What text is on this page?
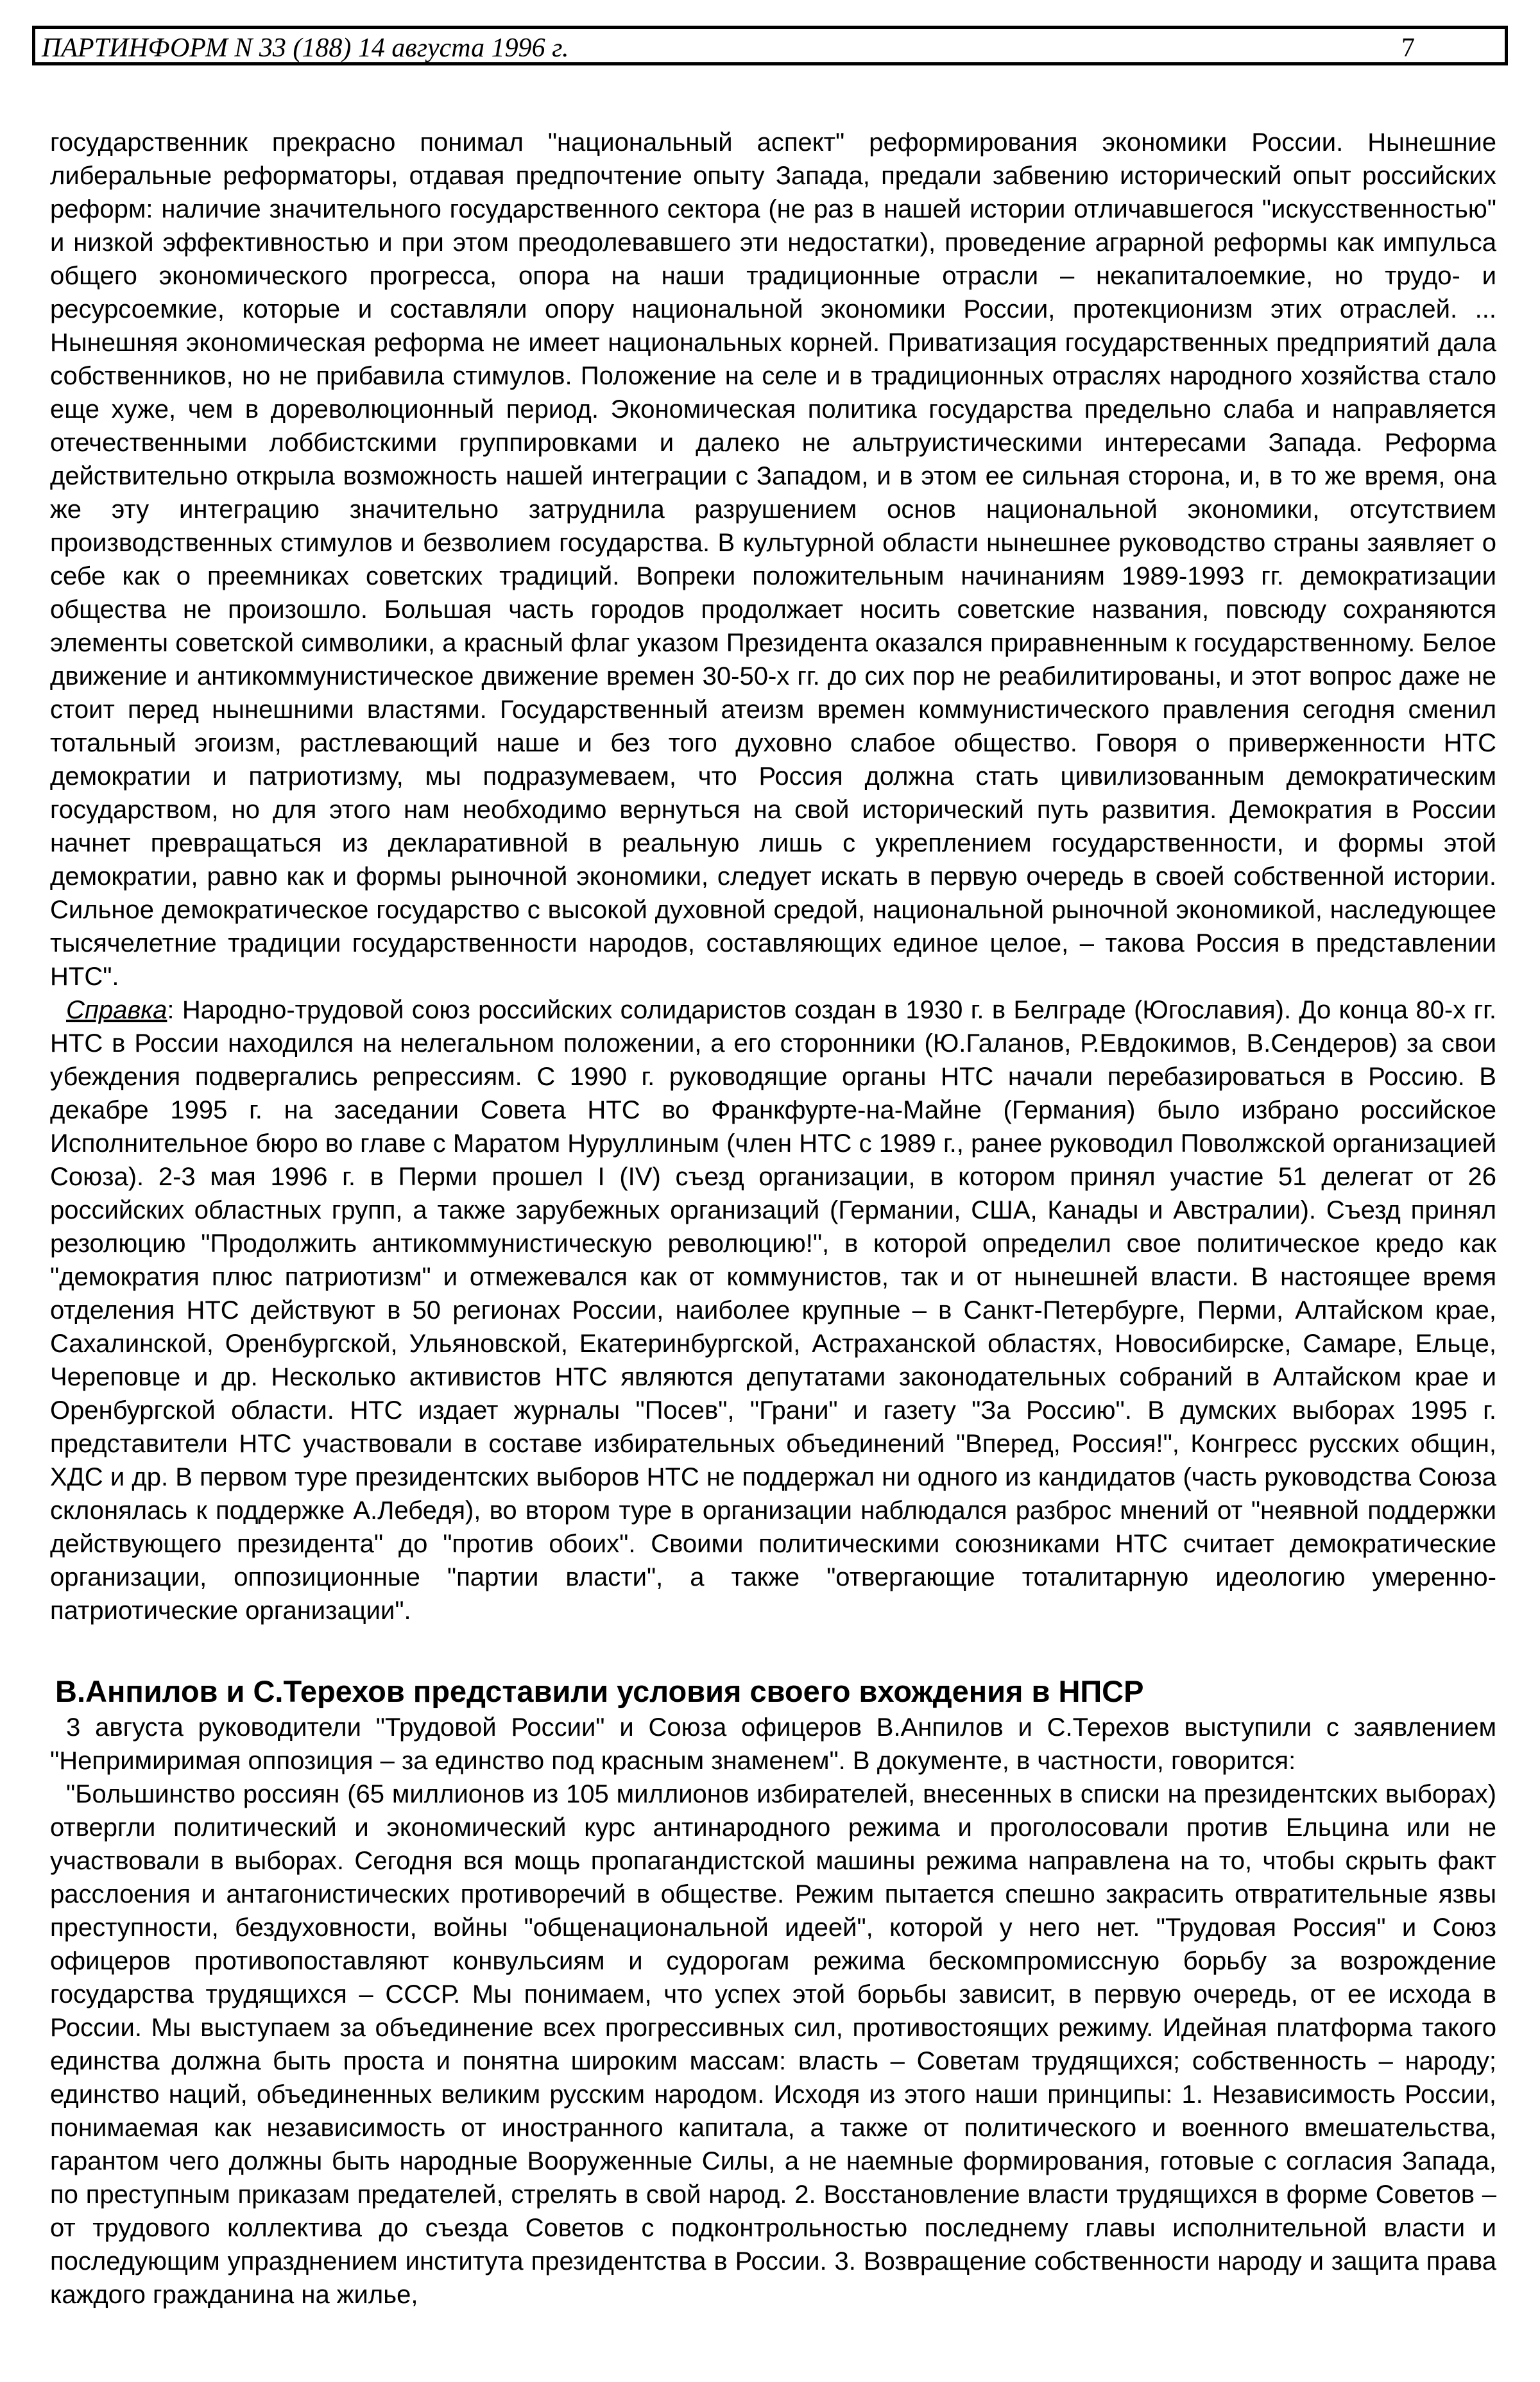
ПАРТИНФОРМ N 33 (188) 14 августа 1996 г.	7

государственник прекрасно понимал "национальный аспект" реформирования экономики России. Нынешние либеральные реформаторы, отдавая предпочтение опыту Запада, предали забвению исторический опыт российских реформ: наличие значительного государственного сектора (не раз в нашей истории отличавшегося "искусственностью" и низкой эффективностью и при этом преодолевавшего эти недостатки), проведение аграрной реформы как импульса общего экономического прогресса, опора на наши традиционные отрасли – некапиталоемкие, но трудо- и ресурсоемкие, которые и составляли опору национальной экономики России, протекционизм этих отраслей. ... Нынешняя экономическая реформа не имеет национальных корней. Приватизация государственных предприятий дала собственников, но не прибавила стимулов. Положение на селе и в традиционных отраслях народного хозяйства стало еще хуже, чем в дореволюционный период. Экономическая политика государства предельно слаба и направляется отечественными лоббистскими группировками и далеко не альтруистическими интересами Запада. Реформа действительно открыла возможность нашей интеграции с Западом, и в этом ее сильная сторона, и, в то же время, она же эту интеграцию значительно затруднила разрушением основ национальной экономики, отсутствием производственных стимулов и безволием государства. В культурной области нынешнее руководство страны заявляет о себе как о преемниках советских традиций. Вопреки положительным начинаниям 1989-1993 гг. демократизации общества не произошло. Большая часть городов продолжает носить советские названия, повсюду сохраняются элементы советской символики, а красный флаг указом Президента оказался приравненным к государственному. Белое движение и антикоммунистическое движение времен 30-50-х гг. до сих пор не реабилитированы, и этот вопрос даже не стоит перед нынешними властями. Государственный атеизм времен коммунистического правления сегодня сменил тотальный эгоизм, растлевающий наше и без того духовно слабое общество. Говоря о приверженности НТС демократии и патриотизму, мы подразумеваем, что Россия должна стать цивилизованным демократическим государством, но для этого нам необходимо вернуться на свой исторический путь развития. Демократия в России начнет превращаться из декларативной в реальную лишь с укреплением государственности, и формы этой демократии, равно как и формы рыночной экономики, следует искать в первую очередь в своей собственной истории. Сильное демократическое государство с высокой духовной средой, национальной рыночной экономикой, наследующее тысячелетние традиции государственности народов, составляющих единое целое, – такова Россия в представлении НТС".

Справка: Народно-трудовой союз российских солидаристов создан в 1930 г. в Белграде (Югославия). До конца 80-х гг. НТС в России находился на нелегальном положении, а его сторонники (Ю.Галанов, Р.Евдокимов, В.Сендеров) за свои убеждения подвергались репрессиям. С 1990 г. руководящие органы НТС начали перебазироваться в Россию. В декабре 1995 г. на заседании Совета НТС во Франкфурте-на-Майне (Германия) было избрано российское Исполнительное бюро во главе с Маратом Нуруллиным (член НТС с 1989 г., ранее руководил Поволжской организацией Союза). 2-3 мая 1996 г. в Перми прошел I (IV) съезд организации, в котором принял участие 51 делегат от 26 российских областных групп, а также зарубежных организаций (Германии, США, Канады и Австралии). Съезд принял резолюцию "Продолжить антикоммунистическую революцию!", в которой определил свое политическое кредо как "демократия плюс патриотизм" и отмежевался как от коммунистов, так и от нынешней власти. В настоящее время отделения НТС действуют в 50 регионах России, наиболее крупные – в Санкт-Петербурге, Перми, Алтайском крае, Сахалинской, Оренбургской, Ульяновской, Екатеринбургской, Астраханской областях, Новосибирске, Самаре, Ельце, Череповце и др. Несколько активистов НТС являются депутатами законодательных собраний в Алтайском крае и Оренбургской области. НТС издает журналы "Посев", "Грани" и газету "За Россию". В думских выборах 1995 г. представители НТС участвовали в составе избирательных объединений "Вперед, Россия!", Конгресс русских общин, ХДС и др. В первом туре президентских выборов НТС не поддержал ни одного из кандидатов (часть руководства Союза склонялась к поддержке А.Лебедя), во втором туре в организации наблюдался разброс мнений от "неявной поддержки действующего президента" до "против обоих". Своими политическими союзниками НТС считает демократические организации, оппозиционные "партии власти", а также "отвергающие тоталитарную идеологию умеренно-патриотические организации".

В.Анпилов и С.Терехов представили условия своего вхождения в НПСР

3 августа руководители "Трудовой России" и Союза офицеров В.Анпилов и С.Терехов выступили с заявлением "Непримиримая оппозиция – за единство под красным знаменем". В документе, в частности, говорится:

"Большинство россиян (65 миллионов из 105 миллионов избирателей, внесенных в списки на президентских выборах) отвергли политический и экономический курс антинародного режима и проголосовали против Ельцина или не участвовали в выборах. Сегодня вся мощь пропагандистской машины режима направлена на то, чтобы скрыть факт расслоения и антагонистических противоречий в обществе. Режим пытается спешно закрасить отвратительные язвы преступности, бездуховности, войны "общенациональной идеей", которой у него нет. "Трудовая Россия" и Союз офицеров противопоставляют конвульсиям и судорогам режима бескомпромиссную борьбу за возрождение государства трудящихся – СССР. Мы понимаем, что успех этой борьбы зависит, в первую очередь, от ее исхода в России. Мы выступаем за объединение всех прогрессивных сил, противостоящих режиму. Идейная платформа такого единства должна быть проста и понятна широким массам: власть – Советам трудящихся; собственность – народу; единство наций, объединенных великим русским народом. Исходя из этого наши принципы: 1. Независимость России, понимаемая как независимость от иностранного капитала, а также от политического и военного вмешательства, гарантом чего должны быть народные Вооруженные Силы, а не наемные формирования, готовые с согласия Запада, по преступным приказам предателей, стрелять в свой народ. 2. Восстановление власти трудящихся в форме Советов – от трудового коллектива до съезда Советов с подконтрольностью последнему главы исполнительной власти и последующим упразднением института президентства в России. 3. Возвращение собственности народу и защита права каждого гражданина на жилье,
